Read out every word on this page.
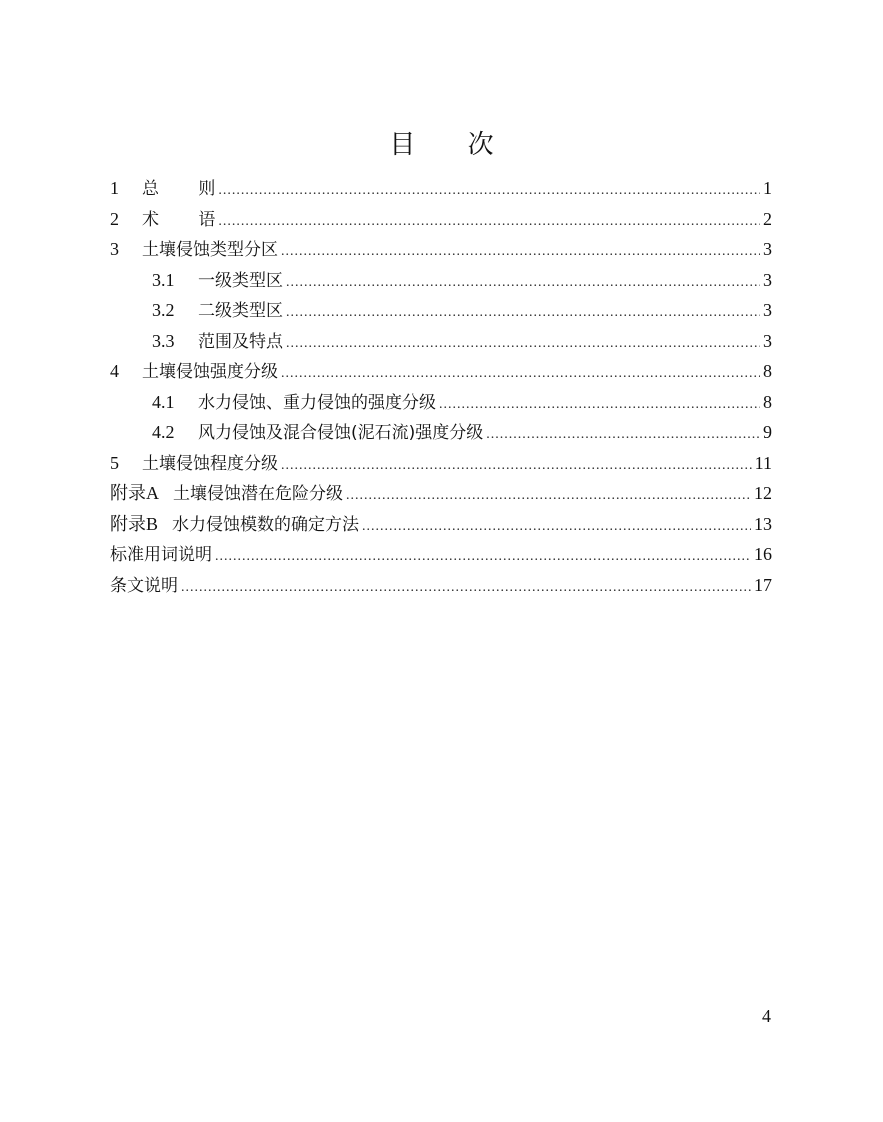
目 次
1	总　　 则 .....	1
2	术　　 语 .....	2
3	土壤侵蚀类型分区 .....	3
3.1	一级类型区 .....	3
3.2	二级类型区 .....	3
3.3	范围及特点 .....	3
4	土壤侵蚀强度分级 .....	8
4.1	水力侵蚀、重力侵蚀的强度分级 .....	8
4.2	风力侵蚀及混合侵蚀(泥石流)强度分级 .....	9
5	土壤侵蚀程度分级 .....	11
附录A 土壤侵蚀潜在危险分级 .....	12
附录B 水力侵蚀模数的确定方法 .....	13
标准用词说明 .....	16
条文说明 .....	17
4
